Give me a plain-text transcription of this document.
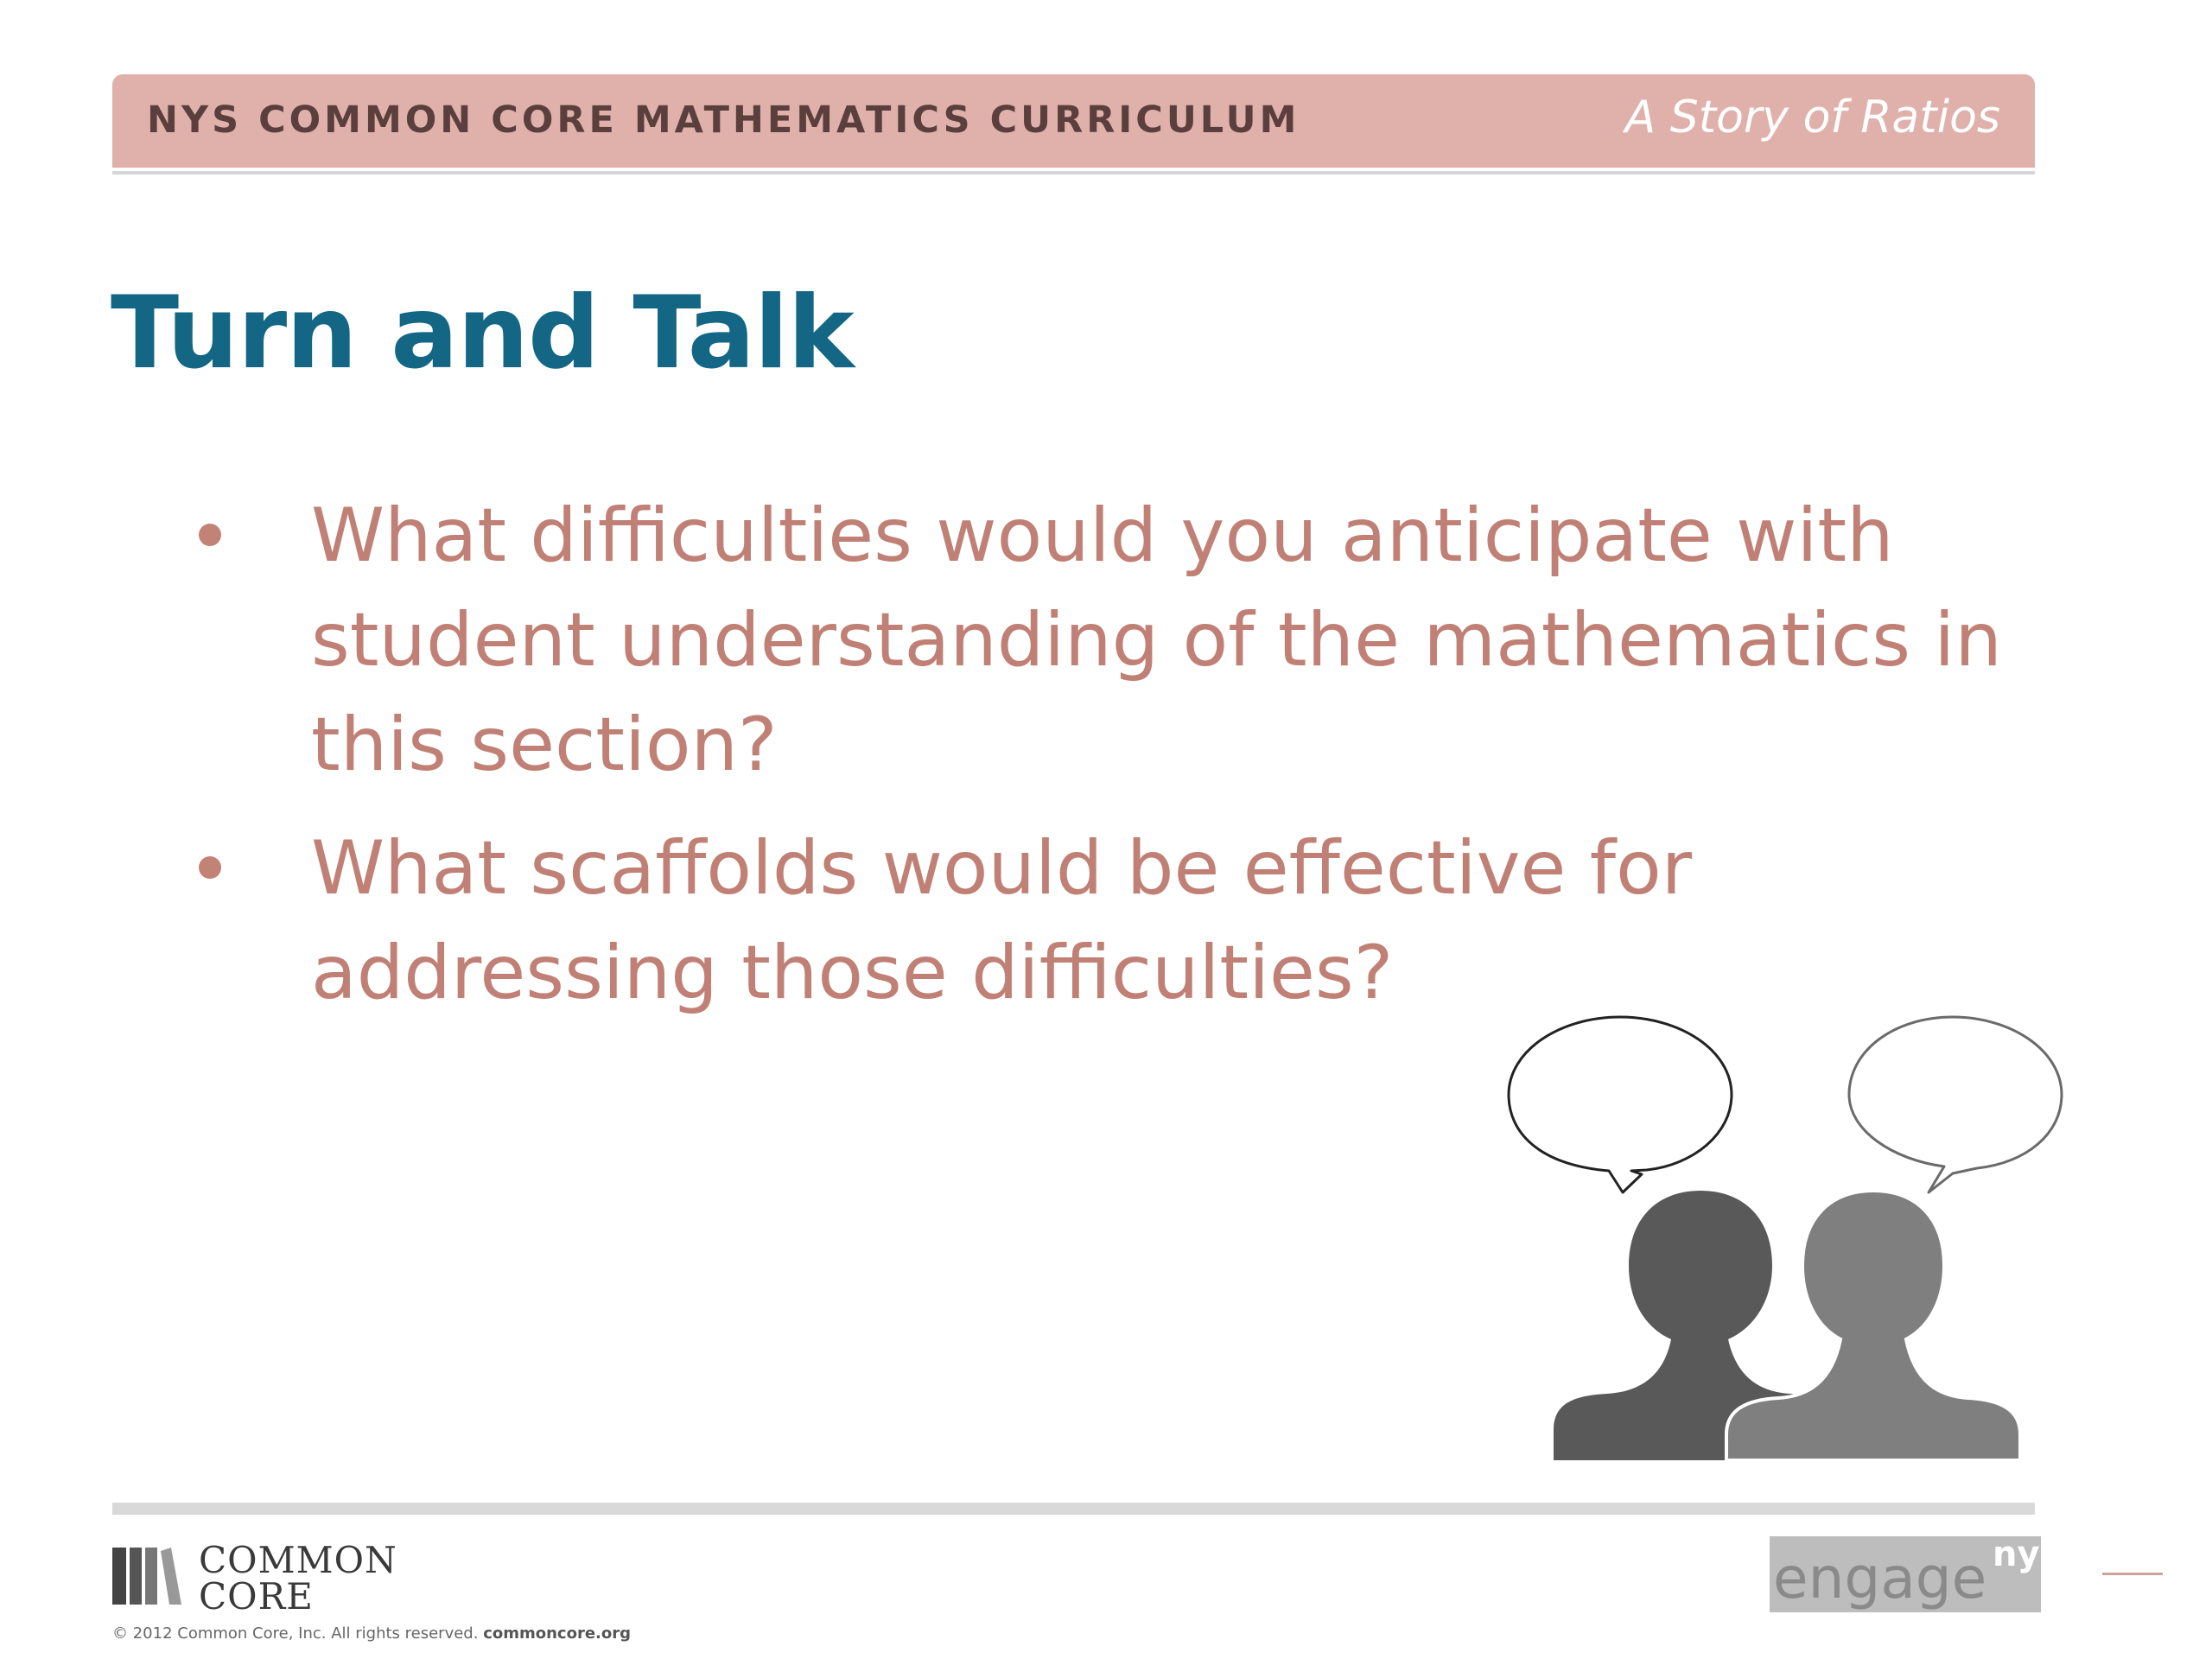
NYS COMMON CORE MATHEMATICS CURRICULUM	A Story of Ratios
Turn and Talk
What difficulties would you anticipate with student understanding of the mathematics in this section?
What scaffolds would be effective for addressing those difficulties?
COMMON
CORE
© 2012 Common Core, Inc. All rights reserved. commoncore.org
engage ny
